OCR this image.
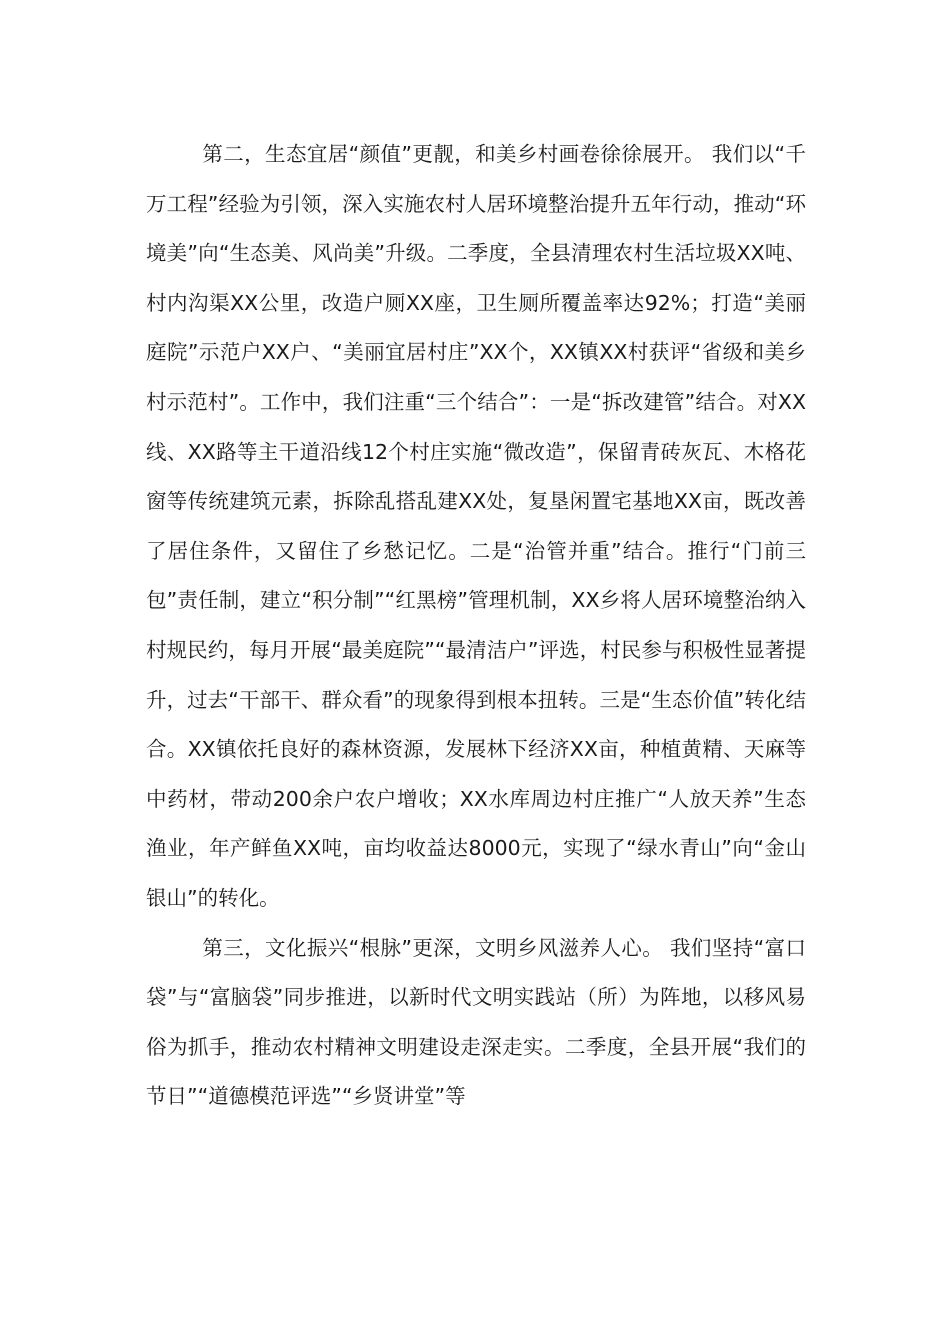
第二，生态宜居“颜值”更靓，和美乡村画卷徐徐展开。 我们以“千万工程”经验为引领，深入实施农村人居环境整治提升五年行动，推动“环境美”向“生态美、风尚美”升级。二季度，全县清理农村生活垃圾XX吨、村内沟渠XX公里，改造户厕XX座，卫生厕所覆盖率达92%；打造“美丽庭院”示范户XX户、“美丽宜居村庄”XX个，XX镇XX村获评“省级和美乡村示范村”。工作中，我们注重“三个结合”：一是“拆改建管”结合。对XX线、XX路等主干道沿线12个村庄实施“微改造”，保留青砖灰瓦、木格花窗等传统建筑元素，拆除乱搭乱建XX处，复垦闲置宅基地XX亩，既改善了居住条件，又留住了乡愁记忆。二是“治管并重”结合。推行“门前三包”责任制，建立“积分制”“红黑榜”管理机制，XX乡将人居环境整治纳入村规民约，每月开展“最美庭院”“最清洁户”评选，村民参与积极性显著提升，过去“干部干、群众看”的现象得到根本扭转。三是“生态价值”转化结合。XX镇依托良好的森林资源，发展林下经济XX亩，种植黄精、天麻等中药材，带动200余户农户增收；XX水库周边村庄推广“人放天养”生态渔业，年产鲜鱼XX吨，亩均收益达8000元，实现了“绿水青山”向“金山银山”的转化。

第三，文化振兴“根脉”更深，文明乡风滋养人心。 我们坚持“富口袋”与“富脑袋”同步推进，以新时代文明实践站（所）为阵地，以移风易俗为抓手，推动农村精神文明建设走深走实。二季度，全县开展“我们的节日”“道德模范评选”“乡贤讲堂”等
